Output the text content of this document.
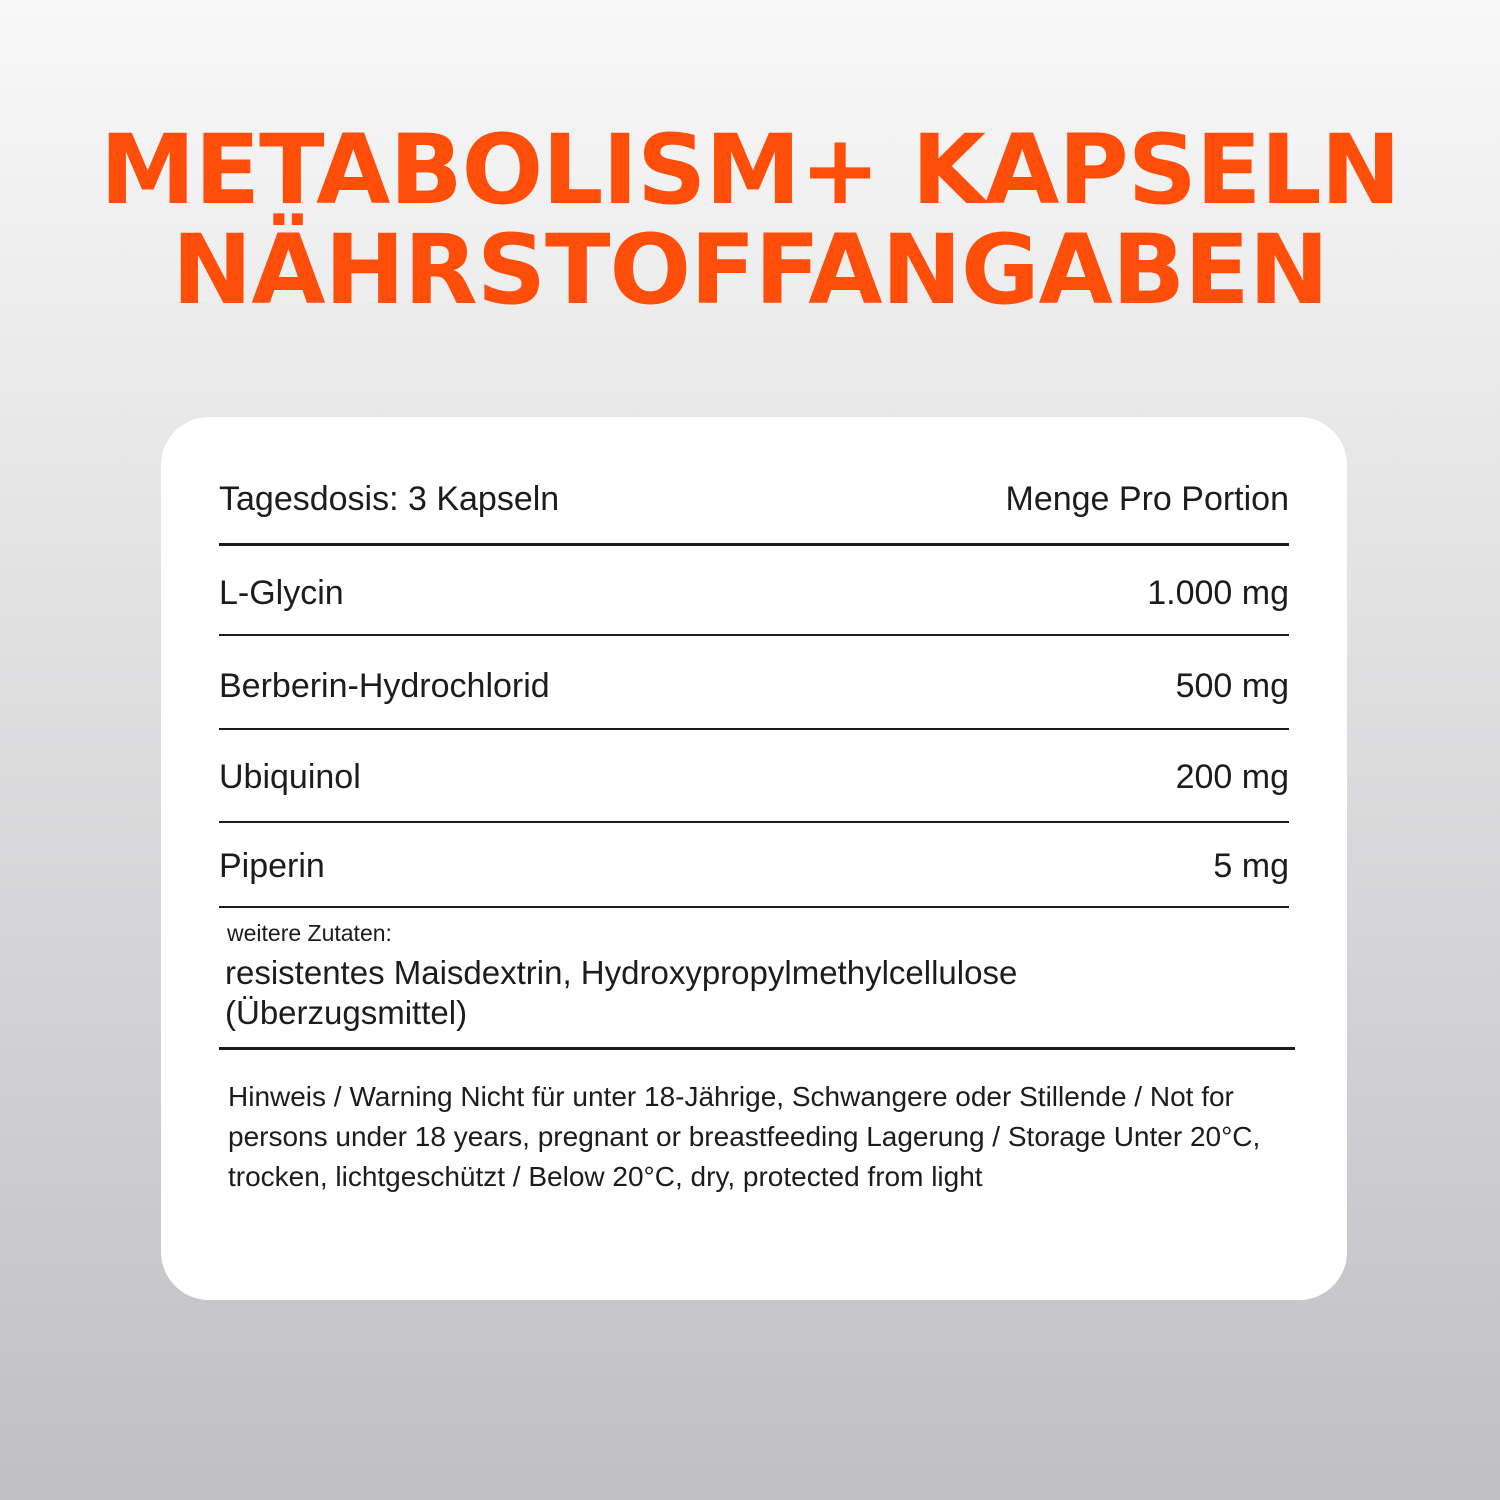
METABOLISM+ KAPSELN
NÄHRSTOFFANGABEN
Tagesdosis: 3 Kapseln	Menge Pro Portion
L-Glycin	1.000 mg
Berberin-Hydrochlorid	500 mg
Ubiquinol	200 mg
Piperin	5 mg

weitere Zutaten:

resistentes Maisdextrin, Hydroxypropylmethylcellulose (Überzugsmittel)

Hinweis / Warning Nicht für unter 18-Jährige, Schwangere oder Stillende / Not for persons under 18 years, pregnant or breastfeeding Lagerung / Storage Unter 20°C, trocken, lichtgeschützt / Below 20°C, dry, protected from light
